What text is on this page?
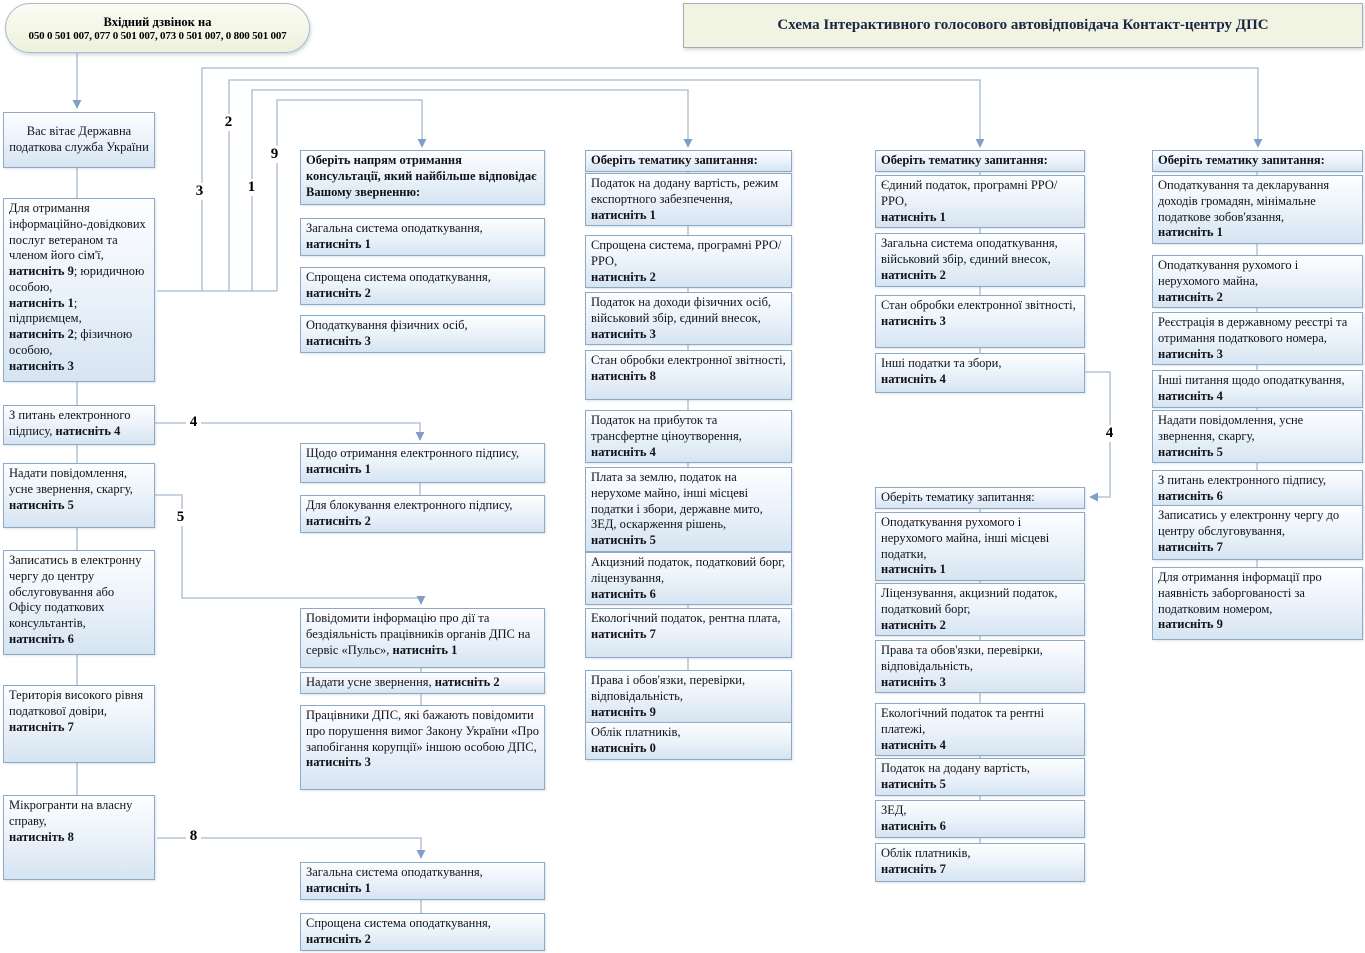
Вхідний дзвінок на
050 0 501 007, 077 0 501 007, 073 0 501 007, 0 800 501 007
Схема Інтерактивного голосового автовідповідача Контакт-центру ДПС
Вас вітає Державна податкова служба України
Для отримання інформаційно-довідкових послуг ветераном та членом його сім'ї,
натисніть 9; юридичною особою,
натисніть 1; підприємцем,
натисніть 2; фізичною особою,
натисніть 3
З питань електронного підпису, натисніть 4
Надати повідомлення, усне звернення, скаргу,
натисніть 5
Записатись в електронну чергу до центру обслуговування або Офісу податкових консультантів,
натисніть 6
Територія високого рівня податкової довіри,
натисніть 7
Мікрогранти на власну справу,
натисніть 8
Оберіть напрям отримання консультації, який найбільше відповідає Вашому зверненню:
Загальна система оподаткування, натисніть 1
Спрощена система оподаткування, натисніть 2
Оподаткування фізичних осіб,
натисніть 3
Щодо отримання електронного підпису,
натисніть 1
Для блокування електронного підпису,
натисніть 2
Повідомити інформацію про дії та бездіяльність працівників органів ДПС на сервіс «Пульс», натисніть 1
Надати усне звернення, натисніть 2
Працівники ДПС, які бажають повідомити про порушення вимог Закону України «Про запобігання корупції» іншою особою ДПС,
натисніть 3
Загальна система оподаткування,
натисніть 1
Спрощена система оподаткування,
натисніть 2
Оберіть тематику запитання:
Податок на додану вартість, режим експортного забезпечення,
натисніть 1
Спрощена система, програмні РРО/РРО,
натисніть 2
Податок на доходи фізичних осіб, військовий збір, єдиний внесок,
натисніть 3
Стан обробки електронної звітності,
натисніть 8
Податок на прибуток та трансфертне ціноутворення,
натисніть 4
Плата за землю, податок на нерухоме майно, інші місцеві податки і збори, державне мито, ЗЕД, оскарження рішень,
натисніть 5
Акцизний податок, податковий борг, ліцензування,
натисніть 6
Екологічний податок, рентна плата,
натисніть 7
Права і обов'язки, перевірки, відповідальність,
натисніть 9
Облік платників,
натисніть 0
Оберіть тематику запитання:
Єдиний податок, програмні РРО/РРО,
натисніть 1
Загальна система оподаткування, військовий збір, єдиний внесок,
натисніть 2
Стан обробки електронної звітності,
натисніть 3
Інші податки та збори,
натисніть 4
Оберіть тематику запитання:
Оподаткування рухомого і нерухомого майна, інші місцеві податки,
натисніть 1
Ліцензування, акцизний податок, податковий борг,
натисніть 2
Права та обов'язки, перевірки, відповідальність,
натисніть 3
Екологічний податок та рентні платежі,
натисніть 4
Податок на додану вартість,
натисніть 5
ЗЕД,
натисніть 6
Облік платників,
натисніть 7
Оберіть тематику запитання:
Оподаткування та декларування доходів громадян, мінімальне податкове зобов'язання,
натисніть 1
Оподаткування рухомого і нерухомого майна,
натисніть 2
Реєстрація в державному реєстрі та отримання податкового номера,
натисніть 3
Інші питання щодо оподаткування,
натисніть 4
Надати повідомлення, усне звернення, скаргу,
натисніть 5
З питань електронного підпису,
натисніть 6
Записатись у електронну чергу до центру обслуговування,
натисніть 7
Для отримання інформації про наявність заборгованості за податковим номером,
натисніть 9
3
2
1
9
4
5
8
4
